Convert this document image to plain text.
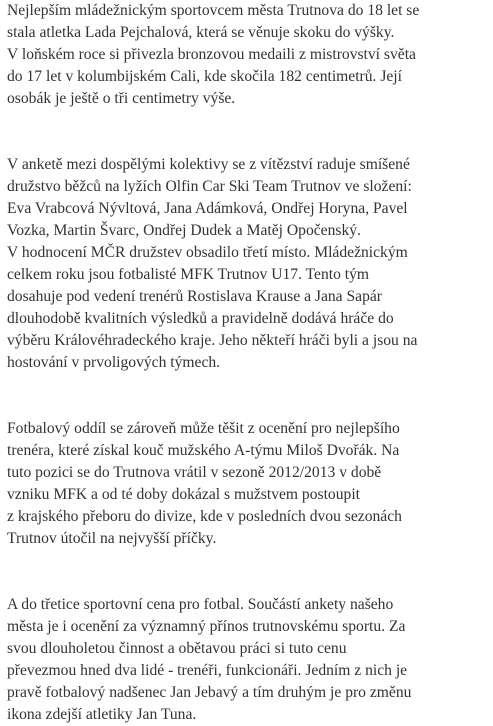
Nejlepším mládežnickým sportovcem města Trutnova do 18 let se
stala atletka Lada Pejchalová, která se věnuje skoku do výšky.
V loňském roce si přivezla bronzovou medaili z mistrovství světa
do 17 let v kolumbijském Cali, kde skočila 182 centimetrů. Její
osobák je ještě o tři centimetry výše.

V anketě mezi dospělými kolektivy se z vítězství raduje smíšené
družstvo běžců na lyžích Olfin Car Ski Team Trutnov ve složení:
Eva Vrabcová Nývltová, Jana Adámková, Ondřej Horyna, Pavel
Vozka, Martin Švarc, Ondřej Dudek a Matěj Opočenský.
V hodnocení MČR družstev obsadilo třetí místo. Mládežnickým
celkem roku jsou fotbalisté MFK Trutnov U17. Tento tým
dosahuje pod vedení trenérů Rostislava Krause a Jana Sapár
dlouhodobě kvalitních výsledků a pravidelně dodává hráče do
výběru Královéhradeckého kraje. Jeho někteří hráči byli a jsou na
hostování v prvoligových týmech.

Fotbalový oddíl se zároveň může těšit z ocenění pro nejlepšího
trenéra, které získal kouč mužského A-týmu Miloš Dvořák. Na
tuto pozici se do Trutnova vrátil v sezoně 2012/2013 v době
vzniku MFK a od té doby dokázal s mužstvem postoupit
z krajského přeboru do divize, kde v posledních dvou sezonách
Trutnov útočil na nejvyšší příčky.

A do třetice sportovní cena pro fotbal. Součástí ankety našeho
města je i ocenění za významný přínos trutnovskému sportu. Za
svou dlouholetou činnost a obětavou práci si tuto cenu
převezmou hned dva lidé - trenéři, funkcionáři. Jedním z nich je
pravě fotbalový nadšenec Jan Jebavý a tím druhým je pro změnu
ikona zdejší atletiky Jan Tuna.
